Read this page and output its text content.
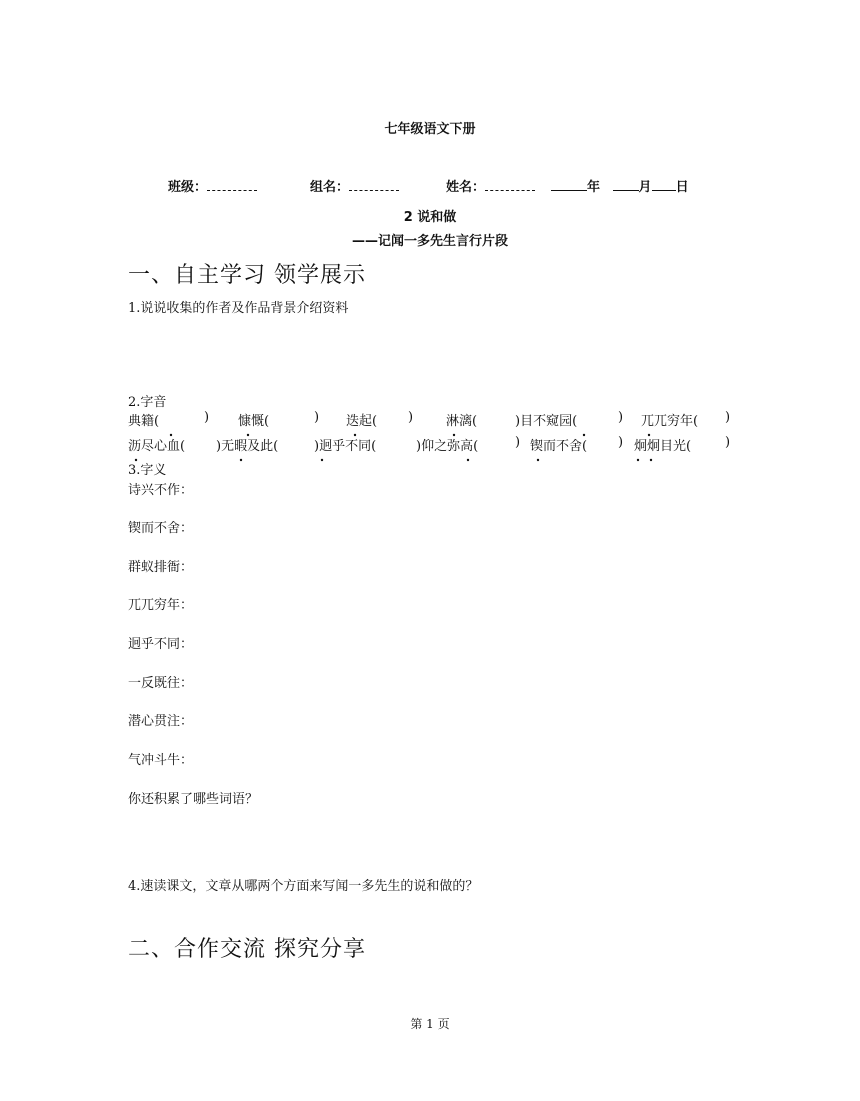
七年级语文下册
班级：	组名：	姓名：	年	月 日
2 说和做
——记闻一多先生言行片段
一、自主学习 领学展示
1.说说收集的作者及作品背景介绍资料
2.字音
典籍(	) 慷慨(	) 迭起( )	淋漓(	)目不窥园(	) 兀兀穷年( )
沥尽心血( )无暇及此(	)迥乎不同(	)仰之弥高(	) 锲而不舍( ) 炯炯目光(	)
3.字义
诗兴不作：
锲而不舍：
群蚁排衙：
兀兀穷年：
迥乎不同：
一反既往：
潜心贯注：
气冲斗牛：
你还积累了哪些词语？
4.速读课文，文章从哪两个方面来写闻一多先生的说和做的？
二、合作交流 探究分享
第 1 页
